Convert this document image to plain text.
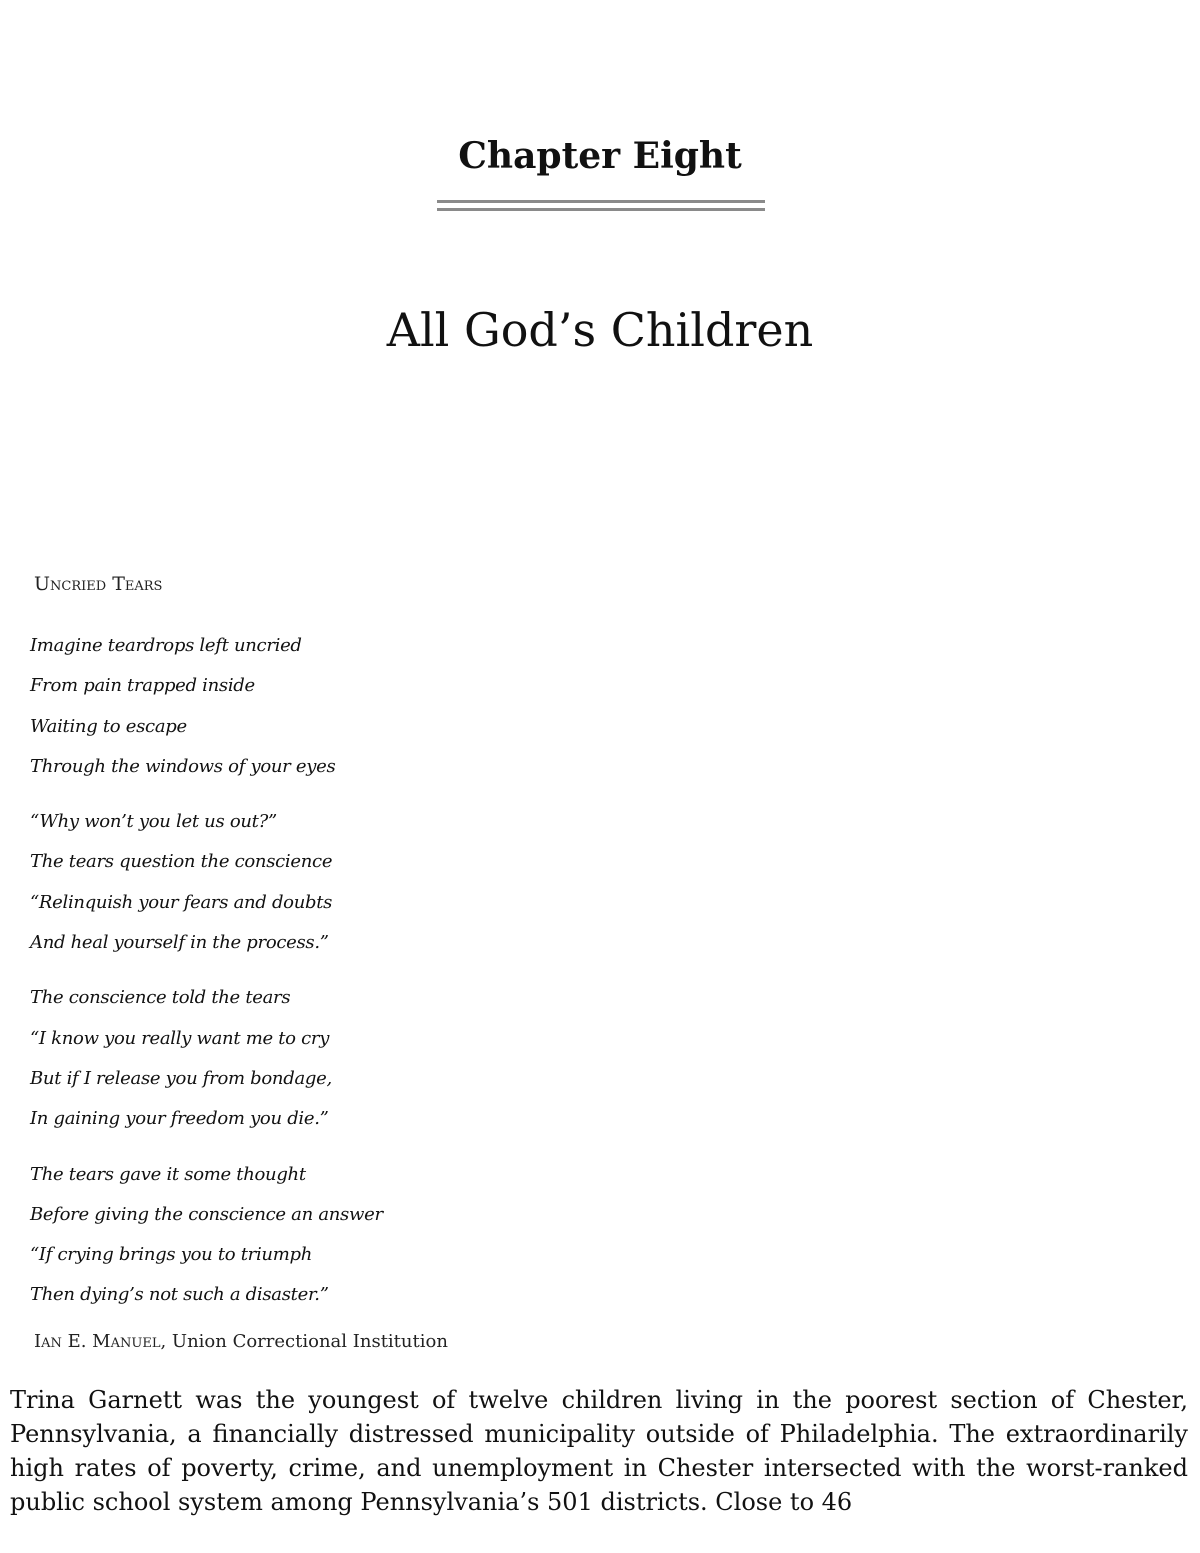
Chapter Eight
All God’s Children
Uncried Tears
Imagine teardrops left uncried
From pain trapped inside
Waiting to escape
Through the windows of your eyes
“Why won’t you let us out?”
The tears question the conscience
“Relinquish your fears and doubts
And heal yourself in the process.”
The conscience told the tears
“I know you really want me to cry
But if I release you from bondage,
In gaining your freedom you die.”
The tears gave it some thought
Before giving the conscience an answer
“If crying brings you to triumph
Then dying’s not such a disaster.”
Ian E. Manuel, Union Correctional Institution

Trina Garnett was the youngest of twelve children living in the poorest section of Chester, Pennsylvania, a financially distressed municipality outside of Philadelphia. The extraordinarily high rates of poverty, crime, and unemployment in Chester intersected with the worst-ranked public school system among Pennsylvania’s 501 districts. Close to 46
